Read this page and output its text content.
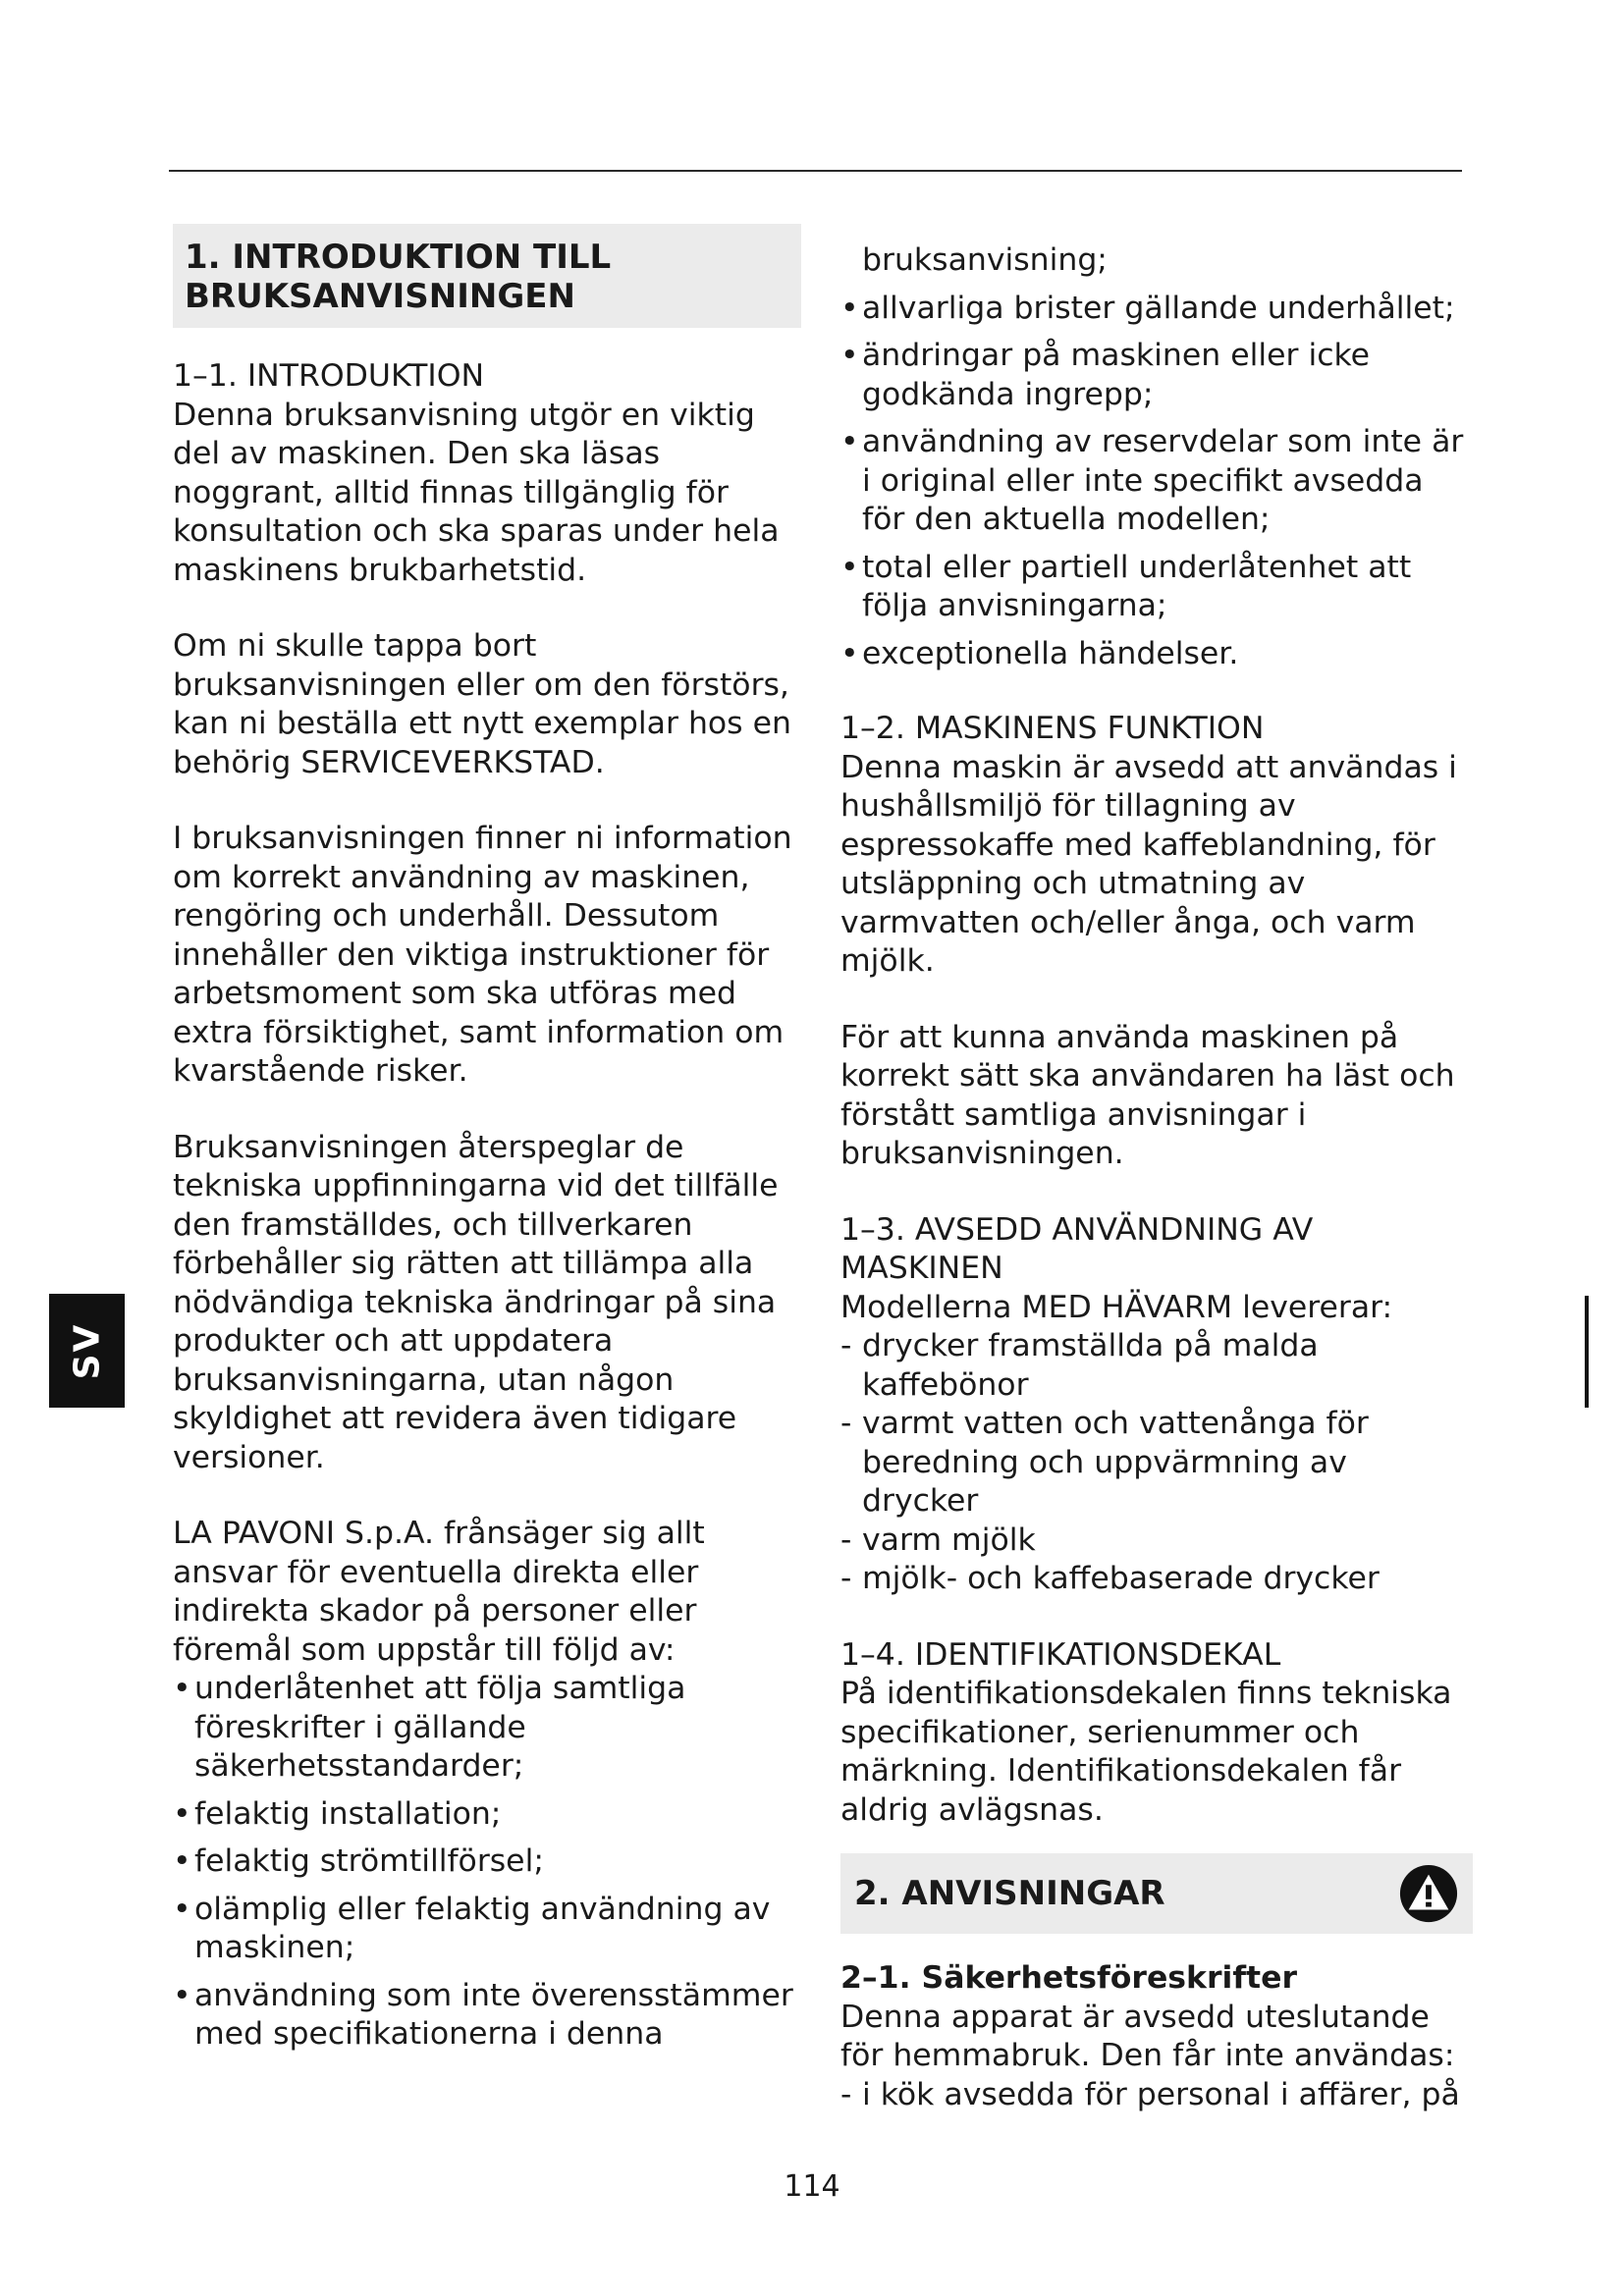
SV
1. INTRODUKTION TILL BRUKSANVISNINGEN

1–1. INTRODUKTION

Denna bruksanvisning utgör en viktig del av maskinen. Den ska läsas noggrant, alltid finnas tillgänglig för konsultation och ska sparas under hela maskinens brukbarhetstid.

Om ni skulle tappa bort bruksanvisningen eller om den förstörs, kan ni beställa ett nytt exemplar hos en behörig SERVICEVERKSTAD.

I bruksanvisningen finner ni information om korrekt användning av maskinen, rengöring och underhåll. Dessutom innehåller den viktiga instruktioner för arbetsmoment som ska utföras med extra försiktighet, samt information om kvarstående risker.

Bruksanvisningen återspeglar de tekniska uppfinningarna vid det tillfälle den framställdes, och tillverkaren förbehåller sig rätten att tillämpa alla nödvändiga tekniska ändringar på sina produkter och att uppdatera bruksanvisningarna, utan någon skyldighet att revidera även tidigare versioner.

LA PAVONI S.p.A. frånsäger sig allt ansvar för eventuella direkta eller indirekta skador på personer eller föremål som uppstår till följd av:

• underlåtenhet att följa samtliga föreskrifter i gällande säkerhetsstandarder;
• felaktig installation;
• felaktig strömtillförsel;
• olämplig eller felaktig användning av maskinen;
• användning som inte överensstämmer med specifikationerna i denna

bruksanvisning;

• allvarliga brister gällande underhållet;
• ändringar på maskinen eller icke godkända ingrepp;
• användning av reservdelar som inte är i original eller inte specifikt avsedda för den aktuella modellen;
• total eller partiell underlåtenhet att följa anvisningarna;
• exceptionella händelser.

1–2. MASKINENS FUNKTION

Denna maskin är avsedd att användas i hushållsmiljö för tillagning av espressokaffe med kaffeblandning, för utsläppning och utmatning av varmvatten och/eller ånga, och varm mjölk.

För att kunna använda maskinen på korrekt sätt ska användaren ha läst och förstått samtliga anvisningar i bruksanvisningen.

1–3. AVSEDD ANVÄNDNING AV MASKINEN

Modellerna MED HÄVARM levererar:

- drycker framställda på malda kaffebönor
- varmt vatten och vattenånga för beredning och uppvärmning av drycker
- varm mjölk
- mjölk- och kaffebaserade drycker

1–4. IDENTIFIKATIONSDEKAL

På identifikationsdekalen finns tekniska specifikationer, serienummer och märkning. Identifikationsdekalen får aldrig avlägsnas.

2. ANVISNINGAR

2–1. Säkerhetsföreskrifter

Denna apparat är avsedd uteslutande för hemmabruk. Den får inte användas:

- i kök avsedda för personal i affärer, på
114
